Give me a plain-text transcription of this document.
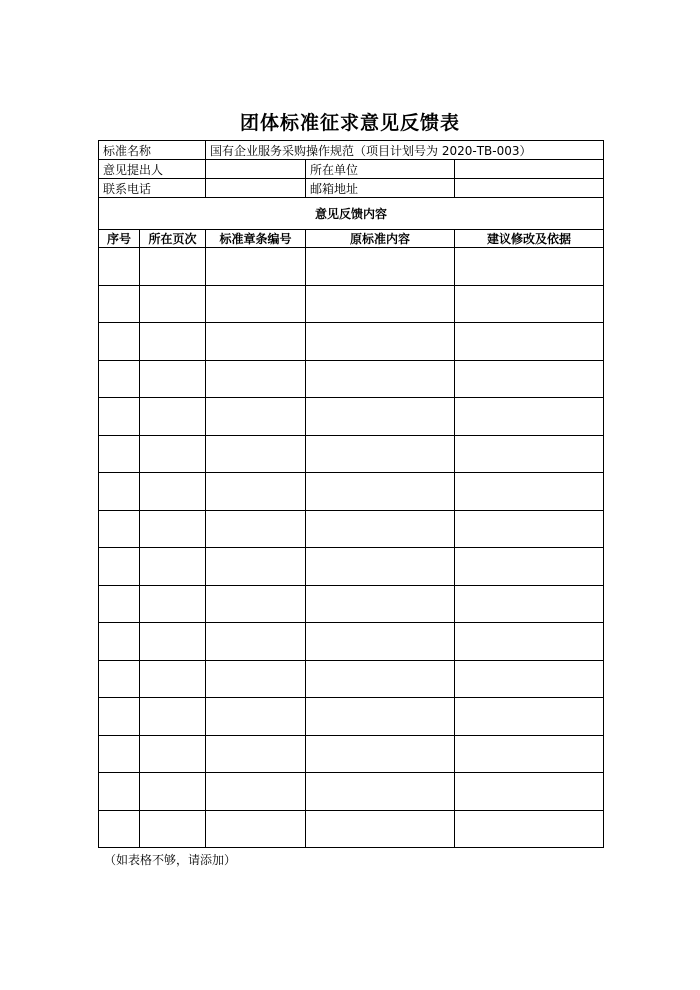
团体标准征求意见反馈表
标准名称		国有企业服务采购操作规范（项目计划号为 2020-TB-003）		
意见提出人			所在单位	
联系电话			邮箱地址	
意见反馈内容				
序号	所在页次	标准章条编号	原标准内容	建议修改及依据

（如表格不够，请添加）
